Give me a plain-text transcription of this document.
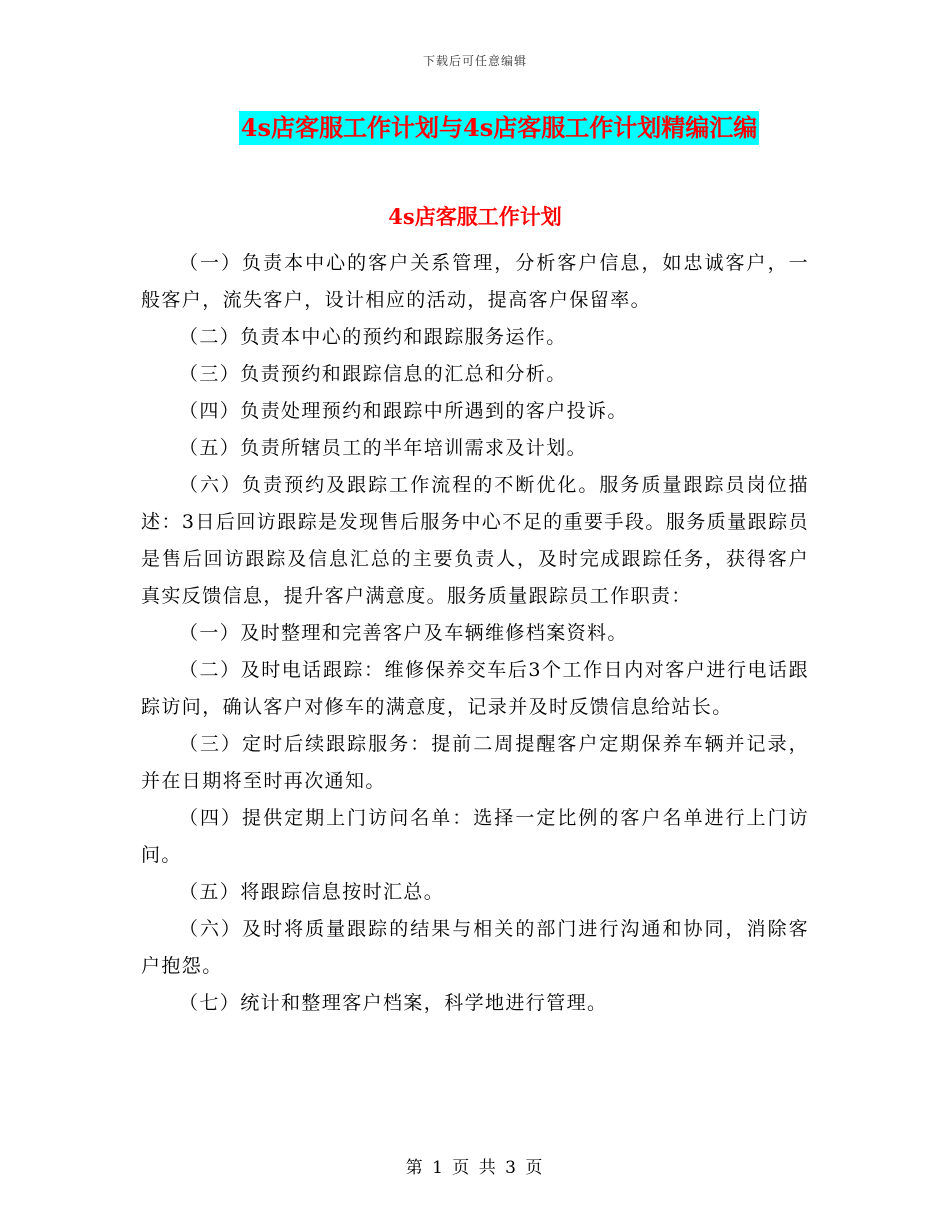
下载后可任意编辑
4s店客服工作计划与4s店客服工作计划精编汇编
4s店客服工作计划

（一）负责本中心的客户关系管理，分析客户信息，如忠诚客户，一般客户，流失客户，设计相应的活动，提高客户保留率。

（二）负责本中心的预约和跟踪服务运作。

（三）负责预约和跟踪信息的汇总和分析。

（四）负责处理预约和跟踪中所遇到的客户投诉。

（五）负责所辖员工的半年培训需求及计划。

（六）负责预约及跟踪工作流程的不断优化。服务质量跟踪员岗位描述：3日后回访跟踪是发现售后服务中心不足的重要手段。服务质量跟踪员是售后回访跟踪及信息汇总的主要负责人，及时完成跟踪任务，获得客户真实反馈信息，提升客户满意度。服务质量跟踪员工作职责：

（一）及时整理和完善客户及车辆维修档案资料。

（二）及时电话跟踪：维修保养交车后3个工作日内对客户进行电话跟踪访问，确认客户对修车的满意度，记录并及时反馈信息给站长。

（三）定时后续跟踪服务：提前二周提醒客户定期保养车辆并记录，并在日期将至时再次通知。

（四）提供定期上门访问名单：选择一定比例的客户名单进行上门访问。

（五）将跟踪信息按时汇总。

（六）及时将质量跟踪的结果与相关的部门进行沟通和协同，消除客户抱怨。

（七）统计和整理客户档案，科学地进行管理。

第 1 页 共 3 页
